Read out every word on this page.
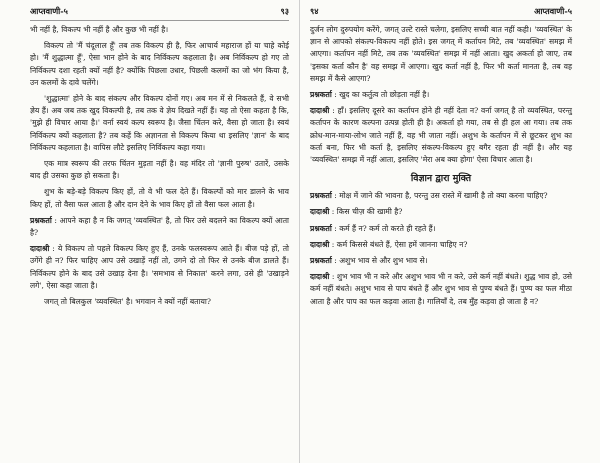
आप्तवाणी-५	९३

भी नहीं है, विकल्प भी नहीं है और कुछ भी नहीं है।

विकल्प तो 'मैं चंदूलाल हूँ' तब तक विकल्प ही है, फिर आचार्य महाराज हों या चाहे कोई हो। 'मैं शुद्धात्मा हूँ', ऐसा भान होने के बाद निर्विकल्प कहलाता है। अब निर्विकल्प हो गए तो निर्विकल्प दशा रहती क्यों नहीं है? क्योंकि पिछला उधार, पिछली कलमों का जो भंग किया है, उन कलमों के दावे चलेंगे।

'शुद्धात्मा' होने के बाद संकल्प और विकल्प दोनों गए। अब मन में से निकलते हैं, वे सभी ज्ञेय हैं। अब जब तक खुद विकल्पी है, तब तक वे ज्ञेय दिखते नहीं हैं। यह तो ऐसा कहता है कि, 'मुझे ही विचार आया है।' वर्ना स्वयं कल्प स्वरूप है। जैसा चिंतन करे, वैसा हो जाता है। स्वयं निर्विकल्प क्यों कहलाता है? तब कहें कि अज्ञानता से विकल्प किया था इसलिए 'ज्ञान' के बाद निर्विकल्प कहलाता है। वापिस लौटे इसलिए निर्विकल्प कहा गया।

एक मात्र स्वरूप की तरफ चिंतन मुड़ता नहीं है। वह मंदिर तो 'ज्ञानी पुरुष' उतारें, उसके बाद ही उसका कुछ हो सकता है।

शुभ के बड़े-बड़े विकल्प किए हों, तो वे भी फल देते हैं। विकल्पों को मार डालने के भाव किए हों, तो वैसा फल आता है और दान देने के भाव किए हों तो वैसा फल आता है।

प्रश्नकर्ता : आपने कहा है न कि जगत् 'व्यवस्थित' है, तो फिर उसे बदलने का विकल्प क्यों आता है?

दादाश्री : ये विकल्प तो पहले विकल्प किए हुए हैं, उनके फलस्वरूप आते हैं। बीज पड़े हों, तो उगेंगे ही न? फिर चाहिए आप उसे उखाड़ें नहीं तो, उगने दो तो फिर से उनके बीज डालते हैं। निर्विकल्प होने के बाद उसे उखाड़ देना है। 'समभाव से निकाल' करने लगा, उसे ही 'उखाड़ने लगे', ऐसा कहा जाता है।

जगत् तो बिलकुल 'व्यवस्थित' है। भगवान ने क्यों नहीं बताया?

९४	आप्तवाणी-५

दुर्जन लोग दुरुपयोग करेंगे, जगत् उल्टे रास्ते चलेगा, इसलिए सच्ची बात नहीं कही। 'व्यवस्थित' के ज्ञान से आपको संकल्प-विकल्प नहीं होते। इस जगत् में कर्तापन मिटे, तब 'व्यवस्थित' समझ में आएगा। कर्तापन नहीं मिटे, तब तक 'व्यवस्थित' समझ में नहीं आता। खुद अकर्ता हो जाए, तब 'इसका कर्ता कौन है' वह समझ में आएगा। खुद कर्ता नहीं है, फिर भी कर्ता मानता है, तब वह समझ में कैसे आएगा?

प्रश्नकर्ता : खुद का कर्तुत्व तो छोड़ता नहीं है।

दादाश्री : हाँ। इसलिए दूसरे का कर्तापन होने ही नहीं देता न? वर्ना जगत् है तो व्यवस्थित, परन्तु कर्तापन के कारण कल्पना उत्पन्न होती ही है। अकर्ता हो गया, तब से ही हल आ गया। तब तक क्रोध-मान-माया-लोभ जाते नहीं हैं, वह भी जाता नहीं। अशुभ के कर्तापन में से छूटकर शुभ का कर्ता बना, फिर भी कर्ता है, इसलिए संकल्प-विकल्प हुए बगैर रहता ही नहीं है। और यह 'व्यवस्थित' समझ में नहीं आता, इसलिए 'मेरा अब क्या होगा' ऐसा विचार आता है।

विज्ञान द्वारा मुक्ति

प्रश्नकर्ता : मोक्ष में जाने की भावना है, परन्तु उस रास्ते में खामी है तो क्या करना चाहिए?

दादाश्री : किस चीज़ की खामी है?

प्रश्नकर्ता : कर्म हैं न? कर्म तो करते ही रहते हैं।

दादाश्री : कर्म किससे बंधते हैं, ऐसा हमें जानना चाहिए न?

प्रश्नकर्ता : अशुभ भाव से और शुभ भाव से।

दादाश्री : शुभ भाव भी न करे और अशुभ भाव भी न करे, उसे कर्म नहीं बंधते। शुद्ध भाव हो, उसे कर्म नहीं बंधते। अशुभ भाव से पाप बंधते हैं और शुभ भाव से पुण्य बंधते हैं। पुण्य का फल मीठा आता है और पाप का फल कड़वा आता है। गालियाँ दे, तब मुँह कड़वा हो जाता है न?
